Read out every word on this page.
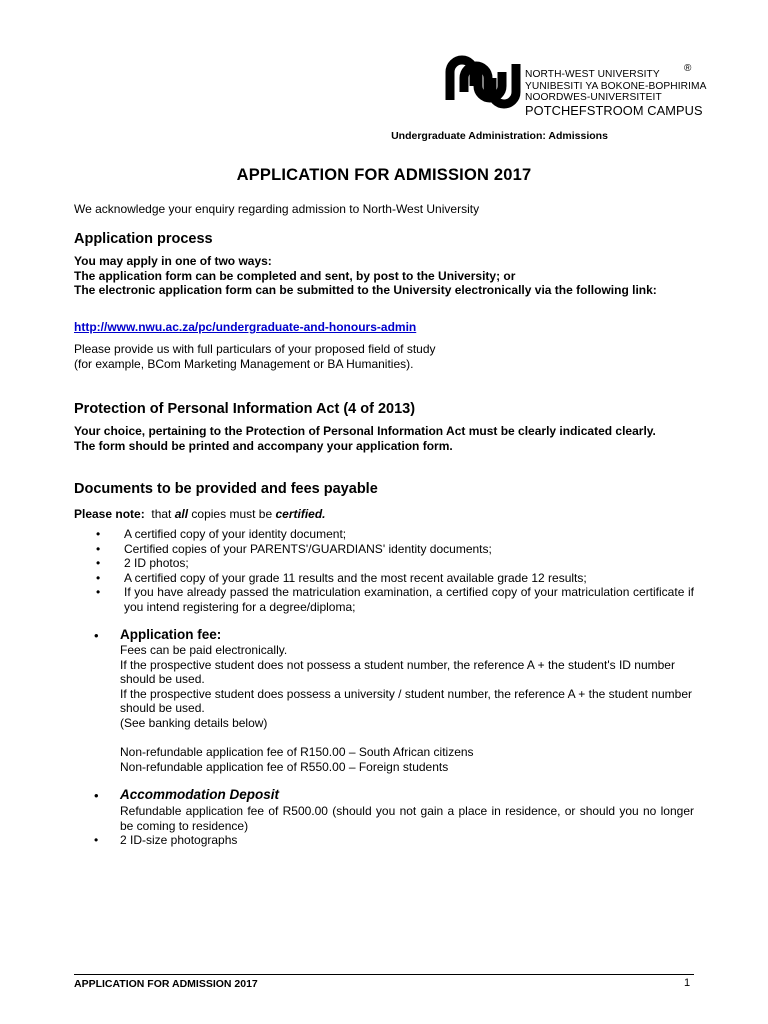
®
NORTH-WEST UNIVERSITY
YUNIBESITI YA BOKONE-BOPHIRIMA
NOORDWES-UNIVERSITEIT
POTCHEFSTROOM CAMPUS
Undergraduate Administration: Admissions
APPLICATION FOR ADMISSION 2017
We acknowledge your enquiry regarding admission to North-West University
Application process
You may apply in one of two ways:
The application form can be completed and sent, by post to the University; or
The electronic application form can be submitted to the University electronically via the following link:
http://www.nwu.ac.za/pc/undergraduate-and-honours-admin
Please provide us with full particulars of your proposed field of study
(for example, BCom Marketing Management or BA Humanities).
Protection of Personal Information Act (4 of 2013)
Your choice, pertaining to the Protection of Personal Information Act must be clearly indicated clearly.
The form should be printed and accompany your application form.
Documents to be provided and fees payable
Please note: that all copies must be certified.
• A certified copy of your identity document;
• Certified copies of your PARENTS'/GUARDIANS' identity documents;
• 2 ID photos;
• A certified copy of your grade 11 results and the most recent available grade 12 results;
• If you have already passed the matriculation examination, a certified copy of your matriculation certificate if you intend registering for a degree/diploma;
• Application fee:
Fees can be paid electronically.
If the prospective student does not possess a student number, the reference A + the student's ID number should be used.
If the prospective student does possess a university / student number, the reference A + the student number should be used.
(See banking details below)
Non-refundable application fee of R150.00 – South African citizens
Non-refundable application fee of R550.00 – Foreign students
• Accommodation Deposit
Refundable application fee of R500.00 (should you not gain a place in residence, or should you no longer be coming to residence)
• 2 ID-size photographs
APPLICATION FOR ADMISSION 2017	1
